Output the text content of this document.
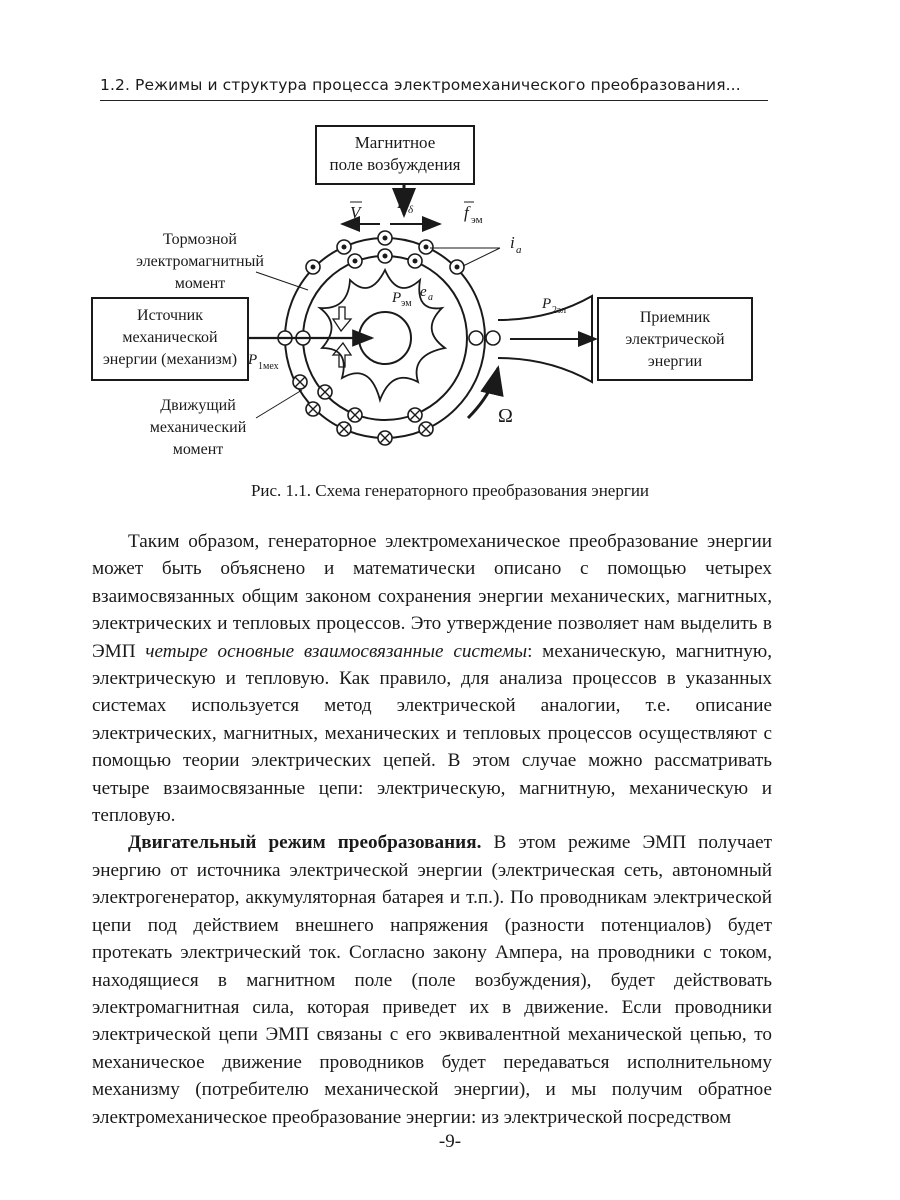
1.2. Режимы и структура процесса электромеханического преобразования...
Магнитное
поле возбуждения
Источник
механической
энергии (механизм)
Приемник
электрической
энергии
Тормозной
электромагнитный
момент
Движущий
механический
момент
V
B δ	f эм
i a
P эм
e a
P 1мех
P 2эл
Ω
Рис. 1.1. Схема генераторного преобразования энергии

Таким образом, генераторное электромеханическое преобразование энергии может быть объяснено и математически описано с помощью четырех взаимосвязанных общим законом сохранения энергии механических, магнитных, электрических и тепловых процессов. Это утверждение позволяет нам выделить в ЭМП четыре основные взаимосвязанные системы: механическую, магнитную, электрическую и тепловую. Как правило, для анализа процессов в указанных системах используется метод электрической аналогии, т.е. описание электрических, магнитных, механических и тепловых процессов осуществляют с помощью теории электрических цепей. В этом случае можно рассматривать четыре взаимосвязанные цепи: электрическую, магнитную, механическую и тепловую.

Двигательный режим преобразования. В этом режиме ЭМП получает энергию от источника электрической энергии (электрическая сеть, автономный электрогенератор, аккумуляторная батарея и т.п.). По проводникам электрической цепи под действием внешнего напряжения (разности потенциалов) будет протекать электрический ток. Согласно закону Ампера, на проводники с током, находящиеся в магнитном поле (поле возбуждения), будет действовать электромагнитная сила, которая приведет их в движение. Если проводники электрической цепи ЭМП связаны с его эквивалентной механической цепью, то механическое движение проводников будет передаваться исполнительному механизму (потребителю механической энергии), и мы получим обратное электромеханическое преобразование энергии: из электрической посредством

-9-
